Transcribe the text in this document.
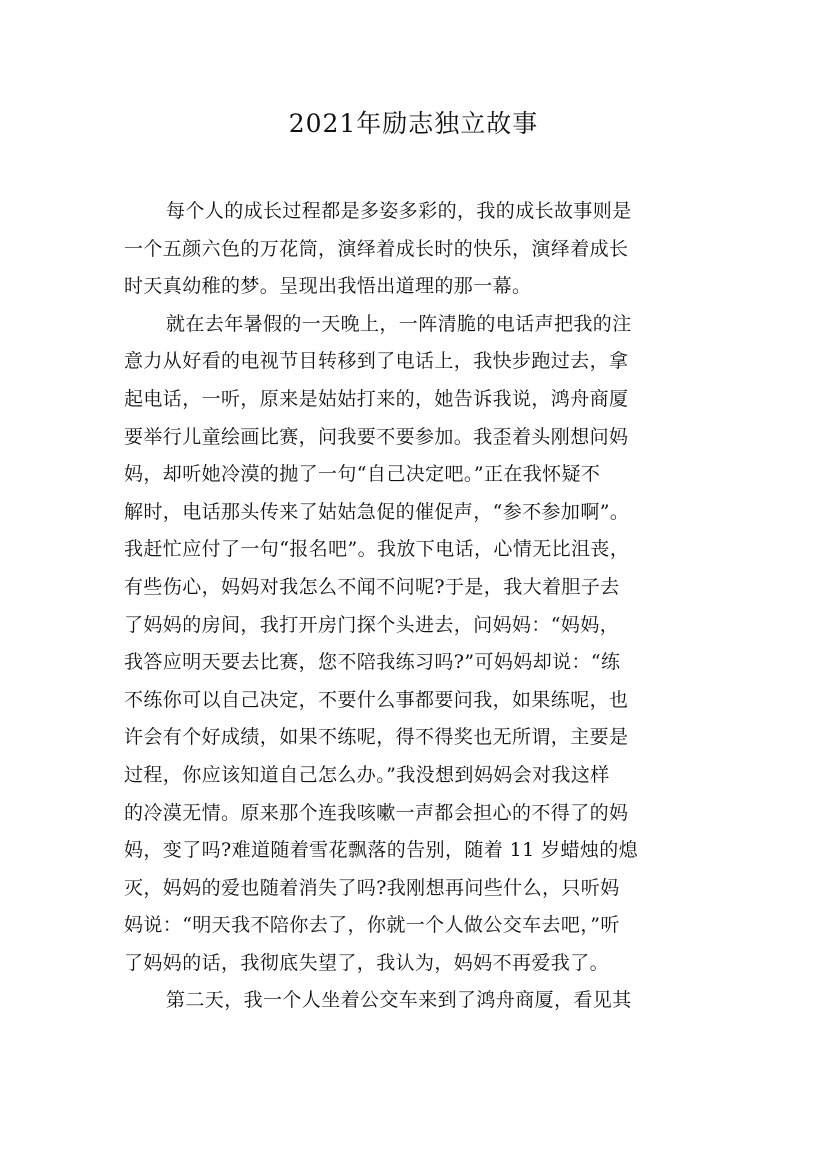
2021年励志独立故事
每个人的成长过程都是多姿多彩的，我的成长故事则是
一个五颜六色的万花筒，演绎着成长时的快乐，演绎着成长
时天真幼稚的梦。呈现出我悟出道理的那一幕。
就在去年暑假的一天晚上，一阵清脆的电话声把我的注
意力从好看的电视节目转移到了电话上，我快步跑过去，拿
起电话，一听，原来是姑姑打来的，她告诉我说，鸿舟商厦
要举行儿童绘画比赛，问我要不要参加。我歪着头刚想问妈
妈，却听她冷漠的抛了一句“自己决定吧。”正在我怀疑不
解时，电话那头传来了姑姑急促的催促声，“参不参加啊”。
我赶忙应付了一句“报名吧”。我放下电话，心情无比沮丧，
有些伤心，妈妈对我怎么不闻不问呢?于是，我大着胆子去
了妈妈的房间，我打开房门探个头进去，问妈妈：“妈妈，
我答应明天要去比赛，您不陪我练习吗?”可妈妈却说：“练
不练你可以自己决定，不要什么事都要问我，如果练呢，也
许会有个好成绩，如果不练呢，得不得奖也无所谓，主要是
过程，你应该知道自己怎么办。”我没想到妈妈会对我这样
的冷漠无情。原来那个连我咳嗽一声都会担心的不得了的妈
妈，变了吗?难道随着雪花飘落的告别，随着 11 岁蜡烛的熄
灭，妈妈的爱也随着消失了吗?我刚想再问些什么，只听妈
妈说：“明天我不陪你去了，你就一个人做公交车去吧，”听
了妈妈的话，我彻底失望了，我认为，妈妈不再爱我了。
第二天，我一个人坐着公交车来到了鸿舟商厦，看见其
